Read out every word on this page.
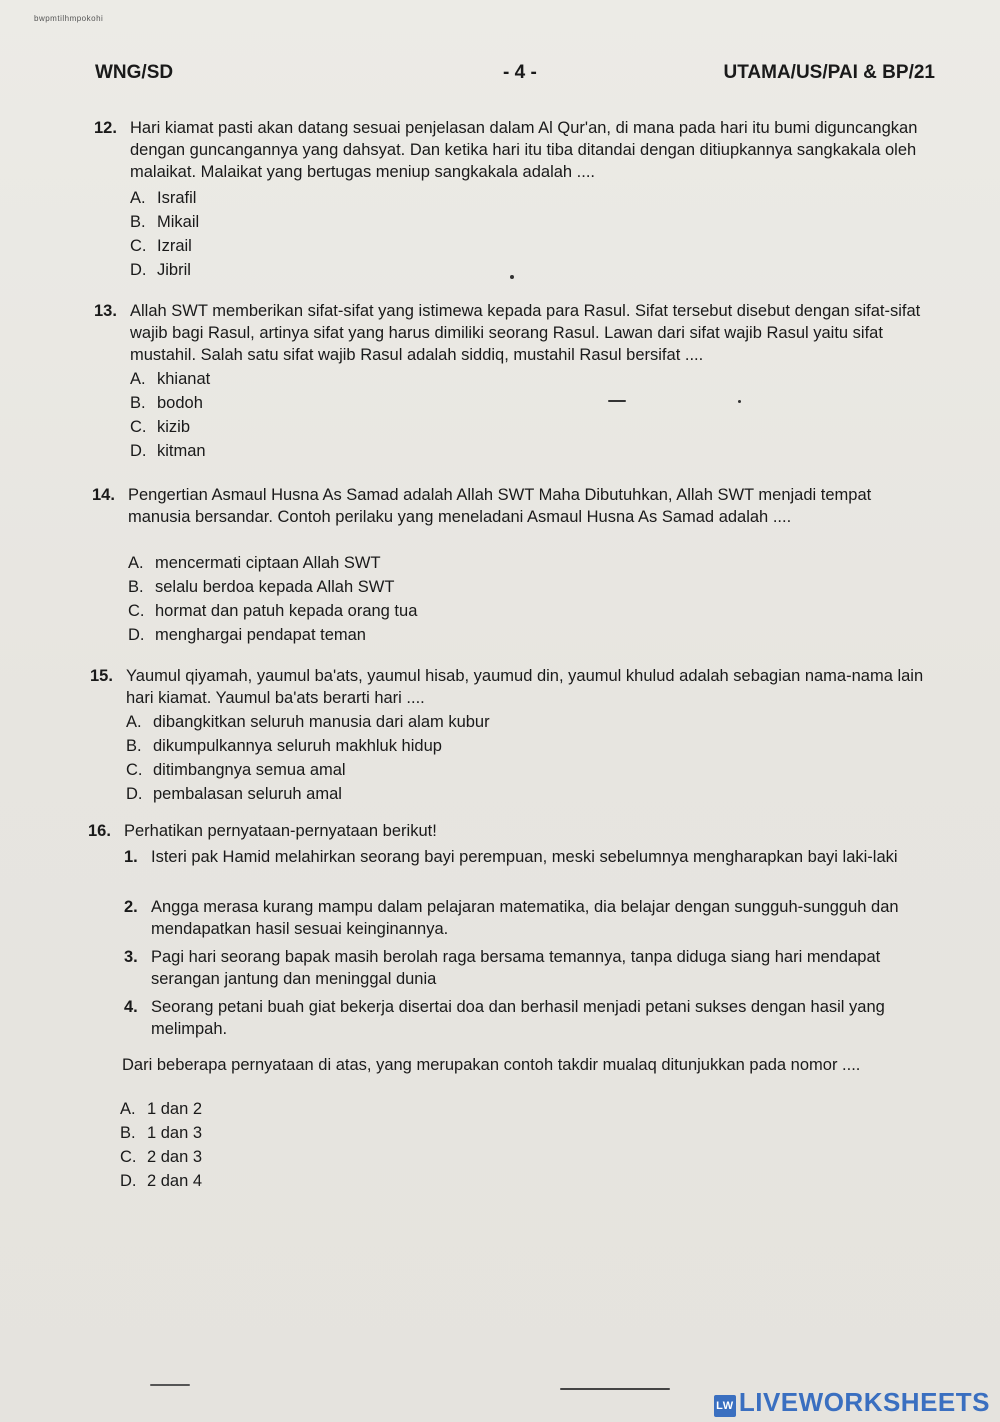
bwpmtilhmpokohi
WNG/SD	- 4 -	UTAMA/US/PAI & BP/21
12. Hari kiamat pasti akan datang sesuai penjelasan dalam Al Qur'an, di mana pada hari itu bumi diguncangkan dengan guncangannya yang dahsyat. Dan ketika hari itu tiba ditandai dengan ditiupkannya sangkakala oleh malaikat. Malaikat yang bertugas meniup sangkakala adalah ....
A. Israfil
B. Mikail
C. Izrail
D. Jibril
13. Allah SWT memberikan sifat-sifat yang istimewa kepada para Rasul. Sifat tersebut disebut dengan sifat-sifat wajib bagi Rasul, artinya sifat yang harus dimiliki seorang Rasul. Lawan dari sifat wajib Rasul yaitu sifat mustahil. Salah satu sifat wajib Rasul adalah siddiq, mustahil Rasul bersifat ....
A. khianat
B. bodoh
C. kizib
D. kitman
14. Pengertian Asmaul Husna As Samad adalah Allah SWT Maha Dibutuhkan, Allah SWT menjadi tempat manusia bersandar. Contoh perilaku yang meneladani Asmaul Husna As Samad adalah ....
A. mencermati ciptaan Allah SWT
B. selalu berdoa kepada Allah SWT
C. hormat dan patuh kepada orang tua
D. menghargai pendapat teman
15. Yaumul qiyamah, yaumul ba'ats, yaumul hisab, yaumud din, yaumul khulud adalah sebagian nama-nama lain hari kiamat. Yaumul ba'ats berarti hari ....
A. dibangkitkan seluruh manusia dari alam kubur
B. dikumpulkannya seluruh makhluk hidup
C. ditimbangnya semua amal
D. pembalasan seluruh amal
16. Perhatikan pernyataan-pernyataan berikut!
1. Isteri pak Hamid melahirkan seorang bayi perempuan, meski sebelumnya mengharapkan bayi laki-laki
2. Angga merasa kurang mampu dalam pelajaran matematika, dia belajar dengan sungguh-sungguh dan mendapatkan hasil sesuai keinginannya.
3. Pagi hari seorang bapak masih berolah raga bersama temannya, tanpa diduga siang hari mendapat serangan jantung dan meninggal dunia
4. Seorang petani buah giat bekerja disertai doa dan berhasil menjadi petani sukses dengan hasil yang melimpah.
Dari beberapa pernyataan di atas, yang merupakan contoh takdir mualaq ditunjukkan pada nomor ....
A. 1 dan 2
B. 1 dan 3
C. 2 dan 3
D. 2 dan 4
LW LIVEWORKSHEETS
